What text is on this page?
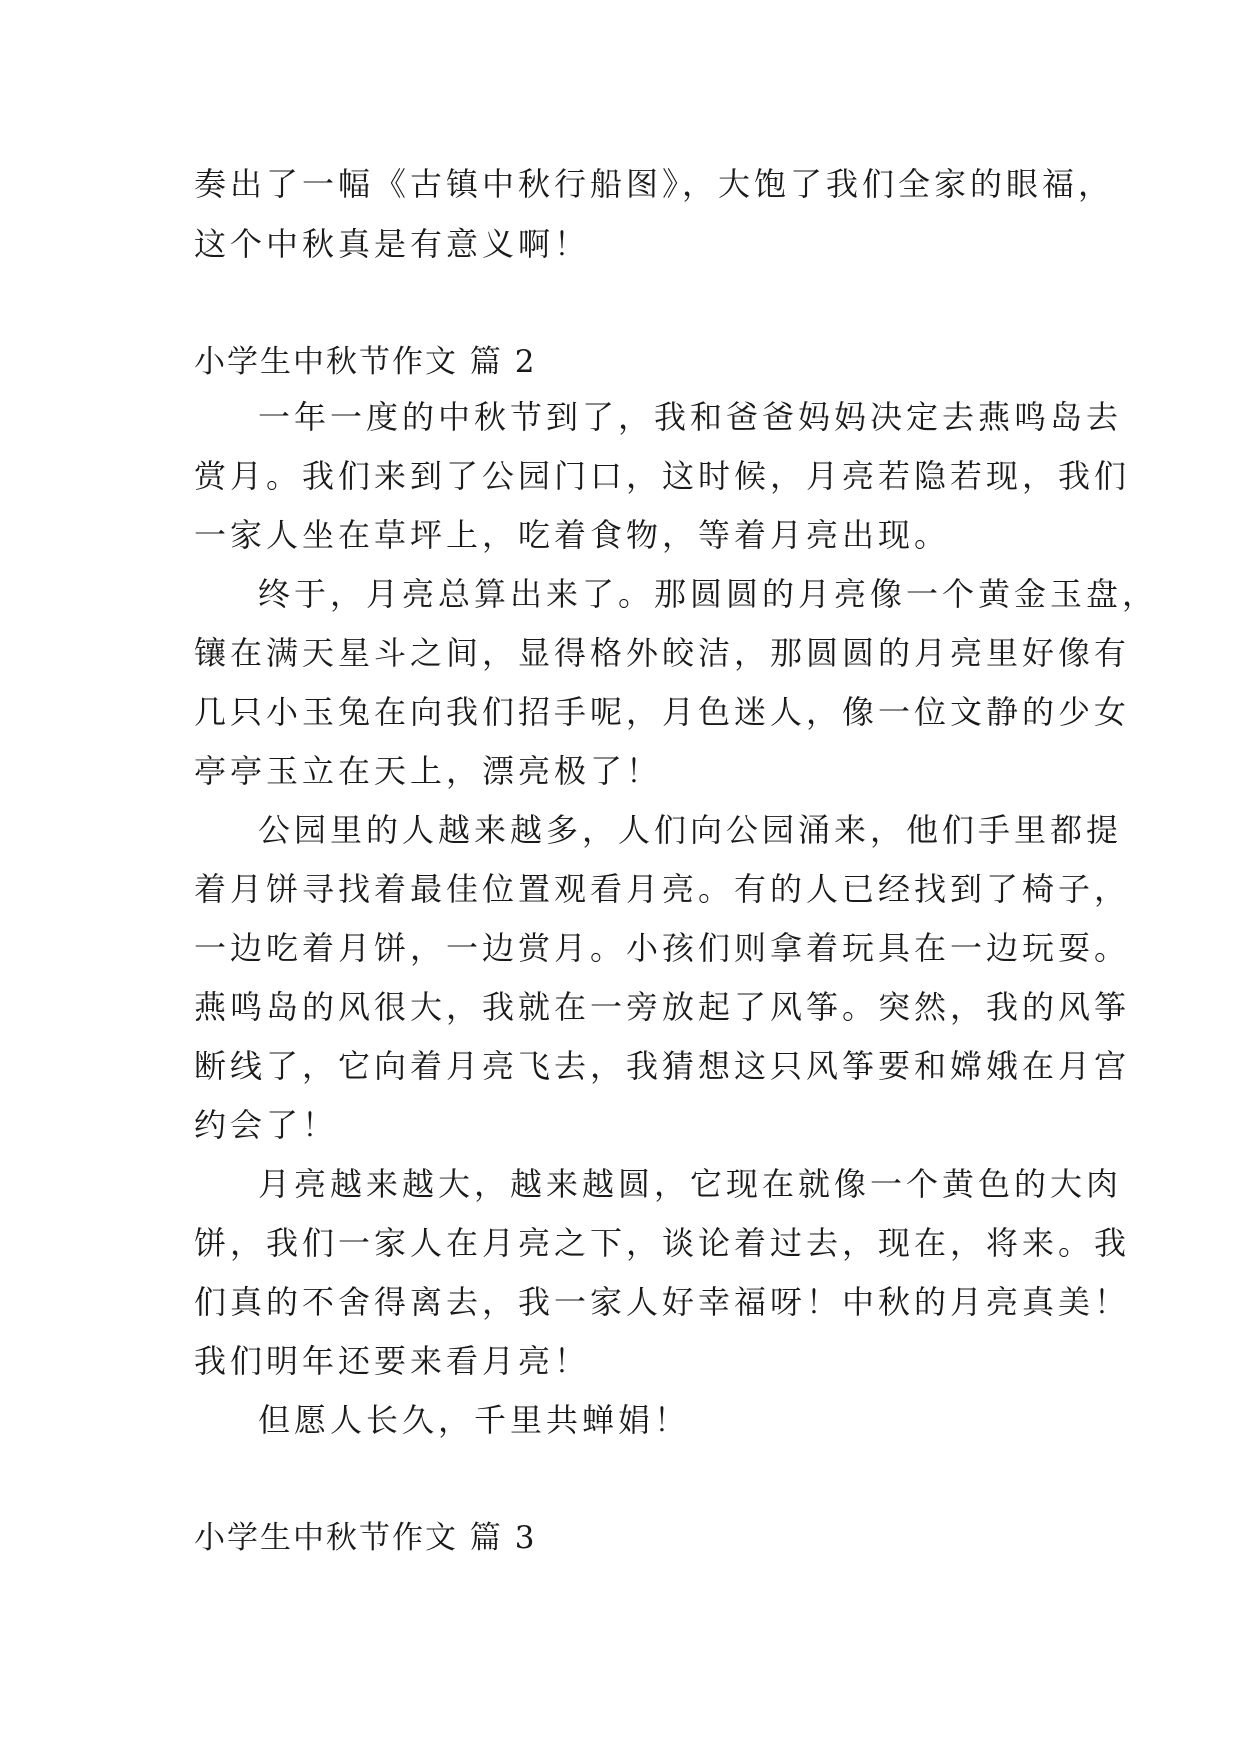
奏出了一幅《古镇中秋行船图》，大饱了我们全家的眼福，
这个中秋真是有意义啊！
小学生中秋节作文 篇 2
一年一度的中秋节到了，我和爸爸妈妈决定去燕鸣岛去
赏月。我们来到了公园门口，这时候，月亮若隐若现，我们
一家人坐在草坪上，吃着食物，等着月亮出现。
终于，月亮总算出来了。那圆圆的月亮像一个黄金玉盘，
镶在满天星斗之间，显得格外皎洁，那圆圆的月亮里好像有
几只小玉兔在向我们招手呢，月色迷人，像一位文静的少女
亭亭玉立在天上，漂亮极了！
公园里的人越来越多，人们向公园涌来，他们手里都提
着月饼寻找着最佳位置观看月亮。有的人已经找到了椅子，
一边吃着月饼，一边赏月。小孩们则拿着玩具在一边玩耍。
燕鸣岛的风很大，我就在一旁放起了风筝。突然，我的风筝
断线了，它向着月亮飞去，我猜想这只风筝要和嫦娥在月宫
约会了！
月亮越来越大，越来越圆，它现在就像一个黄色的大肉
饼，我们一家人在月亮之下，谈论着过去，现在，将来。我
们真的不舍得离去，我一家人好幸福呀！中秋的月亮真美！
我们明年还要来看月亮！
但愿人长久，千里共蝉娟！
小学生中秋节作文 篇 3
